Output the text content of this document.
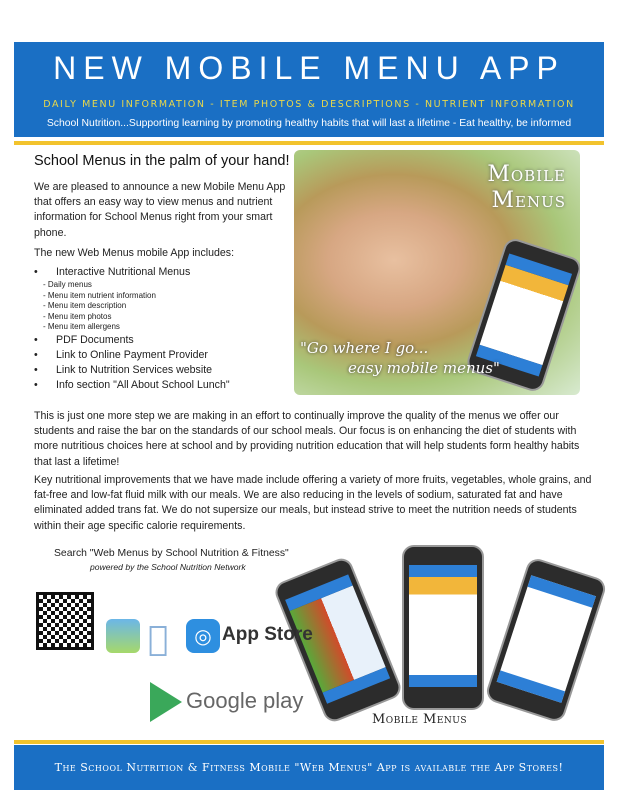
NEW MOBILE MENU APP
DAILY MENU INFORMATION - ITEM PHOTOS & DESCRIPTIONS - NUTRIENT INFORMATION
School Nutrition...Supporting learning by promoting healthy habits that will last a lifetime - Eat healthy, be informed
School Menus in the palm of your hand!
We are pleased to announce a new Mobile Menu App that offers an easy way to view menus and nutrient information for School Menus right from your smart phone.
The new Web Menus mobile App includes:
• Interactive Nutritional Menus
- Daily menus
- Menu item nutrient information
- Menu item description
- Menu item photos
- Menu item allergens
• PDF Documents
• Link to Online Payment Provider
• Link to Nutrition Services website
• Info section "All About School Lunch"
Mobile
Menus
"Go where I go...
easy mobile menus"
This is just one more step we are making in an effort to continually improve the quality of the menus we offer our students and raise the bar on the standards of our school meals. Our focus is on enhancing the diet of students with more nutritious choices here at school and by providing nutrition education that will help students form healthy habits that last a lifetime!
Key nutritional improvements that we have made include offering a variety of more fruits, vegetables, whole grains, and fat-free and low-fat fluid milk with our meals. We are also reducing in the levels of sodium, saturated fat and have eliminated added trans fat. We do not supersize our meals, but instead strive to meet the nutrition needs of students within their age specific calorie requirements.
Search "Web Menus by School Nutrition & Fitness"
powered by the School Nutrition Network
◎ App Store
Google play
Mobile Menus
The School Nutrition & Fitness Mobile "Web Menus" App is available the App Stores!
